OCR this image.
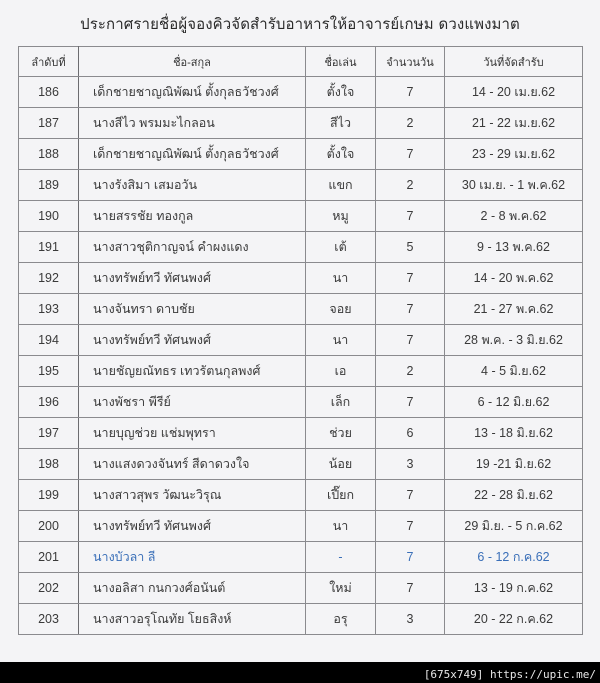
ประกาศรายชื่อผู้จองคิวจัดสำรับอาหารให้อาจารย์เกษม ดวงแพงมาต
ลำดับที่	ชื่อ-สกุล	ชื่อเล่น	จำนวนวัน	วันที่จัดสำรับ
186	เด็กชายชาญณิพัฒน์ ตั้งกุลธวัชวงศ์	ตั้งใจ	7	14 - 20 เม.ย.62
187	นางสีไว พรมมะไกลอน	สีไว	2	21 - 22 เม.ย.62
188	เด็กชายชาญณิพัฒน์ ตั้งกุลธวัชวงศ์	ตั้งใจ	7	23 - 29 เม.ย.62
189	นางรังสิมา เสมอวัน	แขก	2	30 เม.ย. - 1 พ.ค.62
190	นายสรรชัย ทองกูล	หมู	7	2 - 8 พ.ค.62
191	นางสาวชุติกาญจน์ คำผงแดง	เต้	5	9 - 13 พ.ค.62
192	นางทรัพย์ทวี ทัศนพงศ์	นา	7	14 - 20 พ.ค.62
193	นางจันทรา ดาบชัย	จอย	7	21 - 27 พ.ค.62
194	นางทรัพย์ทวี ทัศนพงศ์	นา	7	28 พ.ค. - 3 มิ.ย.62
195	นายชัญยณัทธร เทวรัตนกุลพงศ์	เอ	2	4 - 5 มิ.ย.62
196	นางพัชรา พีรีย์	เล็ก	7	6 - 12 มิ.ย.62
197	นายบุญช่วย แช่มพุทรา	ช่วย	6	13 - 18 มิ.ย.62
198	นางแสงดวงจันทร์ สีดาดวงใจ	น้อย	3	19 -21 มิ.ย.62
199	นางสาวสุพร วัฒนะวิรุณ	เปี๊ยก	7	22 - 28 มิ.ย.62
200	นางทรัพย์ทวี ทัศนพงศ์	นา	7	29 มิ.ย. - 5 ก.ค.62
201	นางบัวลา ลี	-	7	6 - 12 ก.ค.62
202	นางอลิสา กนกวงศ์อนันต์	ใหม่	7	13 - 19 ก.ค.62
203	นางสาวอรุโณทัย โยธสิงห์	อรุ	3	20 - 22 ก.ค.62
[675x749] https://upic.me/
